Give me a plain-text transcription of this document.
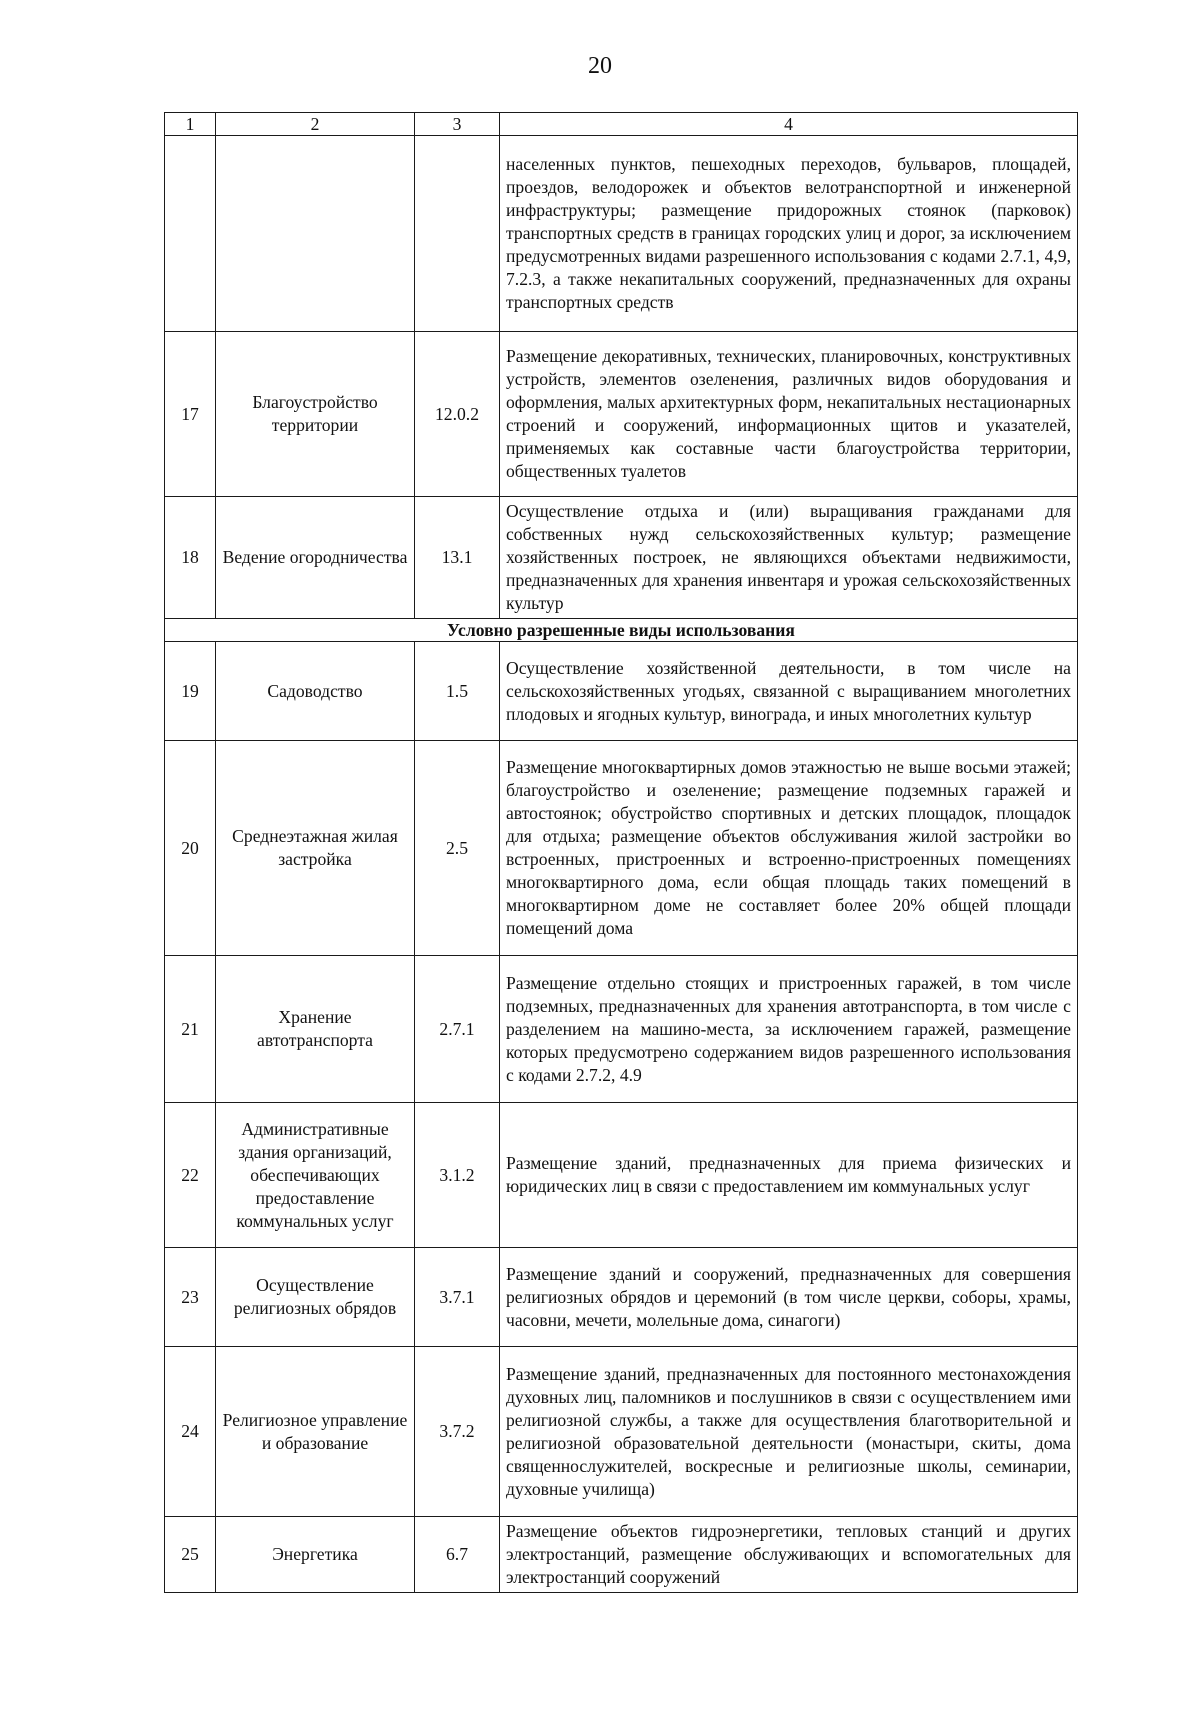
20
1	2	3	4
			населенных пунктов, пешеходных переходов, бульваров, площадей, проездов, велодорожек и объектов велотранспортной и инженерной инфраструктуры; размещение придорожных стоянок (парковок) транспортных средств в границах городских улиц и дорог, за исключением предусмотренных видами разрешенного использования с кодами 2.7.1, 4,9, 7.2.3, а также некапитальных сооружений, предназначенных для охраны транспортных средств
17	Благоустройство территории	12.0.2	Размещение декоративных, технических, планировочных, конструктивных устройств, элементов озеленения, различных видов оборудования и оформления, малых архитектурных форм, некапитальных нестационарных строений и сооружений, информационных щитов и указателей, применяемых как составные части благоустройства территории, общественных туалетов
18	Ведение огородничества	13.1	Осуществление отдыха и (или) выращивания гражданами для собственных нужд сельскохозяйственных культур; размещение хозяйственных построек, не являющихся объектами недвижимости, предназначенных для хранения инвентаря и урожая сельскохозяйственных культур
Условно разрешенные виды использования			
19	Садоводство	1.5	Осуществление хозяйственной деятельности, в том числе на сельскохозяйственных угодьях, связанной с выращиванием многолетних плодовых и ягодных культур, винограда, и иных многолетних культур
20	Среднеэтажная жилая застройка	2.5	Размещение многоквартирных домов этажностью не выше восьми этажей; благоустройство и озеленение; размещение подземных гаражей и автостоянок; обустройство спортивных и детских площадок, площадок для отдыха; размещение объектов обслуживания жилой застройки во встроенных, пристроенных и встроенно-пристроенных помещениях многоквартирного дома, если общая площадь таких помещений в многоквартирном доме не составляет более 20% общей площади помещений дома
21	Хранение автотранспорта	2.7.1	Размещение отдельно стоящих и пристроенных гаражей, в том числе подземных, предназначенных для хранения автотранспорта, в том числе с разделением на машино-места, за исключением гаражей, размещение которых предусмотрено содержанием видов разрешенного использования с кодами 2.7.2, 4.9
22	Административные здания организаций, обеспечивающих предоставление коммунальных услуг	3.1.2	Размещение зданий, предназначенных для приема физических и юридических лиц в связи с предоставлением им коммунальных услуг
23	Осуществление религиозных обрядов	3.7.1	Размещение зданий и сооружений, предназначенных для совершения религиозных обрядов и церемоний (в том числе церкви, соборы, храмы, часовни, мечети, молельные дома, синагоги)
24	Религиозное управление и образование	3.7.2	Размещение зданий, предназначенных для постоянного местонахождения духовных лиц, паломников и послушников в связи с осуществлением ими религиозной службы, а также для осуществления благотворительной и религиозной образовательной деятельности (монастыри, скиты, дома священнослужителей, воскресные и религиозные школы, семинарии, духовные училища)
25	Энергетика	6.7	Размещение объектов гидроэнергетики, тепловых станций и других электростанций, размещение обслуживающих и вспомогательных для электростанций сооружений
